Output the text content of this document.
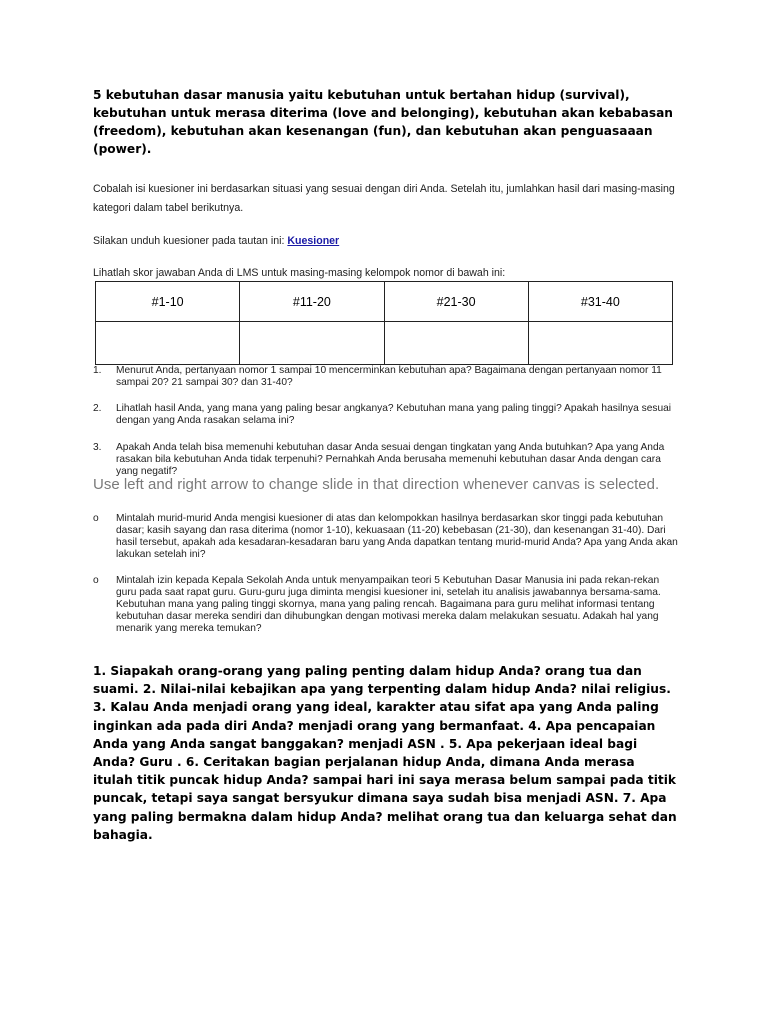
5 kebutuhan dasar manusia yaitu kebutuhan untuk bertahan hidup (survival), kebutuhan untuk merasa diterima (love and belonging), kebutuhan akan kebabasan (freedom), kebutuhan akan kesenangan (fun), dan kebutuhan akan penguasaaan (power).

Cobalah isi kuesioner ini berdasarkan situasi yang sesuai dengan diri Anda. Setelah itu, jumlahkan hasil dari masing-masing kategori dalam tabel berikutnya.

Silakan unduh kuesioner pada tautan ini: Kuesioner

Lihatlah skor jawaban Anda di LMS untuk masing-masing kelompok nomor di bawah ini:

#1-10	#11-20	#21-30	#31-40

1.	Menurut Anda, pertanyaan nomor 1 sampai 10 mencerminkan kebutuhan apa? Bagaimana dengan pertanyaan nomor 11 sampai 20? 21 sampai 30? dan 31-40?
2.	Lihatlah hasil Anda, yang mana yang paling besar angkanya? Kebutuhan mana yang paling tinggi? Apakah hasilnya sesuai dengan yang Anda rasakan selama ini?
3.	Apakah Anda telah bisa memenuhi kebutuhan dasar Anda sesuai dengan tingkatan yang Anda butuhkan? Apa yang Anda rasakan bila kebutuhan Anda tidak terpenuhi? Pernahkah Anda berusaha memenuhi kebutuhan dasar Anda dengan cara yang negatif?
Use left and right arrow to change slide in that direction whenever canvas is selected.
o	Mintalah murid-murid Anda mengisi kuesioner di atas dan kelompokkan hasilnya berdasarkan skor tinggi pada kebutuhan dasar; kasih sayang dan rasa diterima (nomor 1-10), kekuasaan (11-20) kebebasan (21-30), dan kesenangan 31-40). Dari hasil tersebut, apakah ada kesadaran-kesadaran baru yang Anda dapatkan tentang murid-murid Anda? Apa yang Anda akan lakukan setelah ini?
o	Mintalah izin kepada Kepala Sekolah Anda untuk menyampaikan teori 5 Kebutuhan Dasar Manusia ini pada rekan-rekan guru pada saat rapat guru. Guru-guru juga diminta mengisi kuesioner ini, setelah itu analisis jawabannya bersama-sama. Kebutuhan mana yang paling tinggi skornya, mana yang paling rencah. Bagaimana para guru melihat informasi tentang kebutuhan dasar mereka sendiri dan dihubungkan dengan motivasi mereka dalam melakukan sesuatu. Adakah hal yang menarik yang mereka temukan?

1. Siapakah orang-orang yang paling penting dalam hidup Anda? orang tua dan suami. 2. Nilai-nilai kebajikan apa yang terpenting dalam hidup Anda? nilai religius. 3. Kalau Anda menjadi orang yang ideal, karakter atau sifat apa yang Anda paling inginkan ada pada diri Anda? menjadi orang yang bermanfaat. 4. Apa pencapaian Anda yang Anda sangat banggakan? menjadi ASN . 5. Apa pekerjaan ideal bagi Anda? Guru . 6. Ceritakan bagian perjalanan hidup Anda, dimana Anda merasa itulah titik puncak hidup Anda? sampai hari ini saya merasa belum sampai pada titik puncak, tetapi saya sangat bersyukur dimana saya sudah bisa menjadi ASN. 7. Apa yang paling bermakna dalam hidup Anda? melihat orang tua dan keluarga sehat dan bahagia.
